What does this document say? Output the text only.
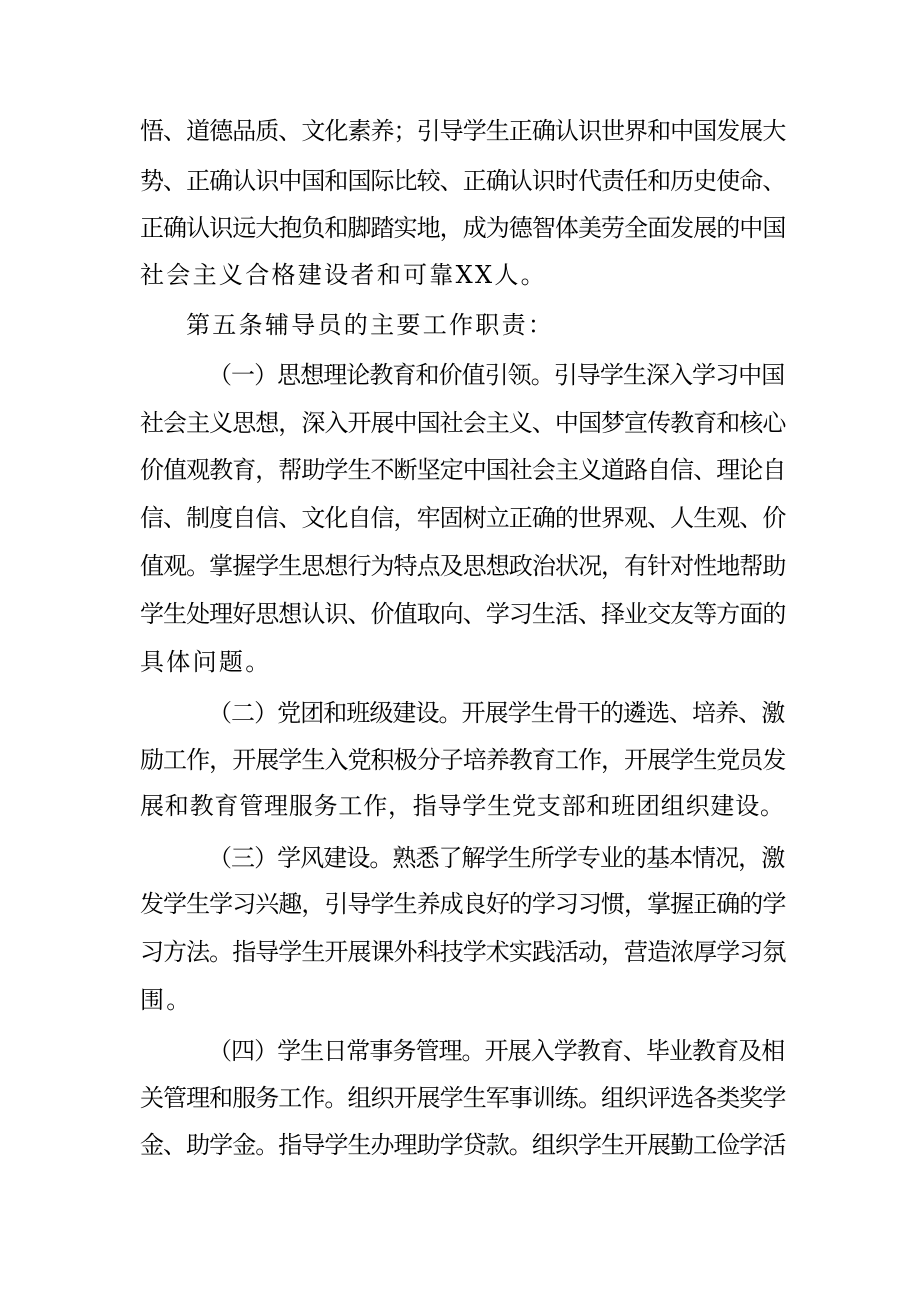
悟、道德品质、文化素养；引导学生正确认识世界和中国发展大
势、正确认识中国和国际比较、正确认识时代责任和历史使命、
正确认识远大抱负和脚踏实地，成为德智体美劳全面发展的中国
社会主义合格建设者和可靠XX人。
第五条辅导员的主要工作职责：
（一）思想理论教育和价值引领。引导学生深入学习中国
社会主义思想，深入开展中国社会主义、中国梦宣传教育和核心
价值观教育，帮助学生不断坚定中国社会主义道路自信、理论自
信、制度自信、文化自信，牢固树立正确的世界观、人生观、价
值观。掌握学生思想行为特点及思想政治状况，有针对性地帮助
学生处理好思想认识、价值取向、学习生活、择业交友等方面的
具体问题。
（二）党团和班级建设。开展学生骨干的遴选、培养、激
励工作，开展学生入党积极分子培养教育工作，开展学生党员发
展和教育管理服务工作，指导学生党支部和班团组织建设。
（三）学风建设。熟悉了解学生所学专业的基本情况，激
发学生学习兴趣，引导学生养成良好的学习习惯，掌握正确的学
习方法。指导学生开展课外科技学术实践活动，营造浓厚学习氛
围。
（四）学生日常事务管理。开展入学教育、毕业教育及相
关管理和服务工作。组织开展学生军事训练。组织评选各类奖学
金、助学金。指导学生办理助学贷款。组织学生开展勤工俭学活
